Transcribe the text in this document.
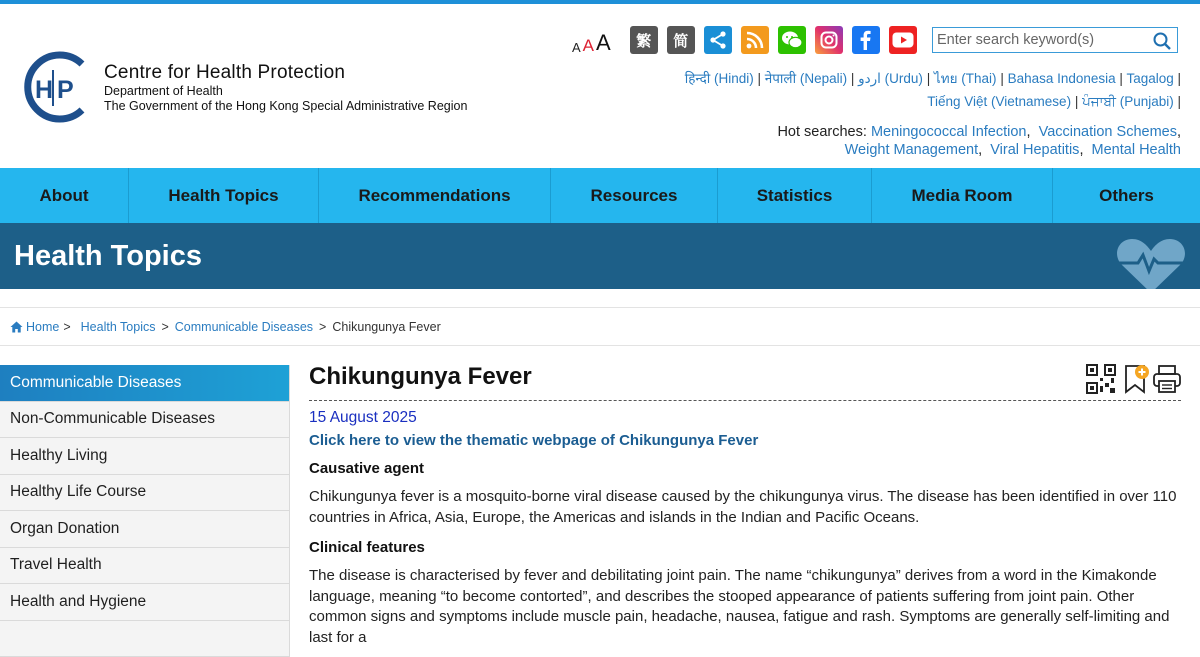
H P
Centre for Health Protection
Department of Health
The Government of the Hong Kong Special Administrative Region
A A A	繁	简
Enter search keyword(s)
हिन्दी (Hindi) | नेपाली (Nepali) | اردو (Urdu) | ไทย (Thai) | Bahasa Indonesia | Tagalog |
Tiếng Việt (Vietnamese) | ਪੰਜਾਬੀ (Punjabi) |
Hot searches: Meningococcal Infection,  Vaccination Schemes,
Weight Management,  Viral Hepatitis,  Mental Health
About	Health Topics	Recommendations	Resources	Statistics	Media Room	Others
Health Topics
Home > Health Topics > Communicable Diseases > Chikungunya Fever
Communicable Diseases
Non-Communicable Diseases
Healthy Living
Healthy Life Course
Organ Donation
Travel Health
Health and Hygiene
Chikungunya Fever
15 August 2025
Click here to view the thematic webpage of Chikungunya Fever
Causative agent
Chikungunya fever is a mosquito-borne viral disease caused by the chikungunya virus. The disease has been identified in over 110 countries in Africa, Asia, Europe, the Americas and islands in the Indian and Pacific Oceans.
Clinical features
The disease is characterised by fever and debilitating joint pain. The name “chikungunya” derives from a word in the Kimakonde language, meaning “to become contorted”, and describes the stooped appearance of patients suffering from joint pain. Other common signs and symptoms include muscle pain, headache, nausea, fatigue and rash. Symptoms are generally self-limiting and last for a
